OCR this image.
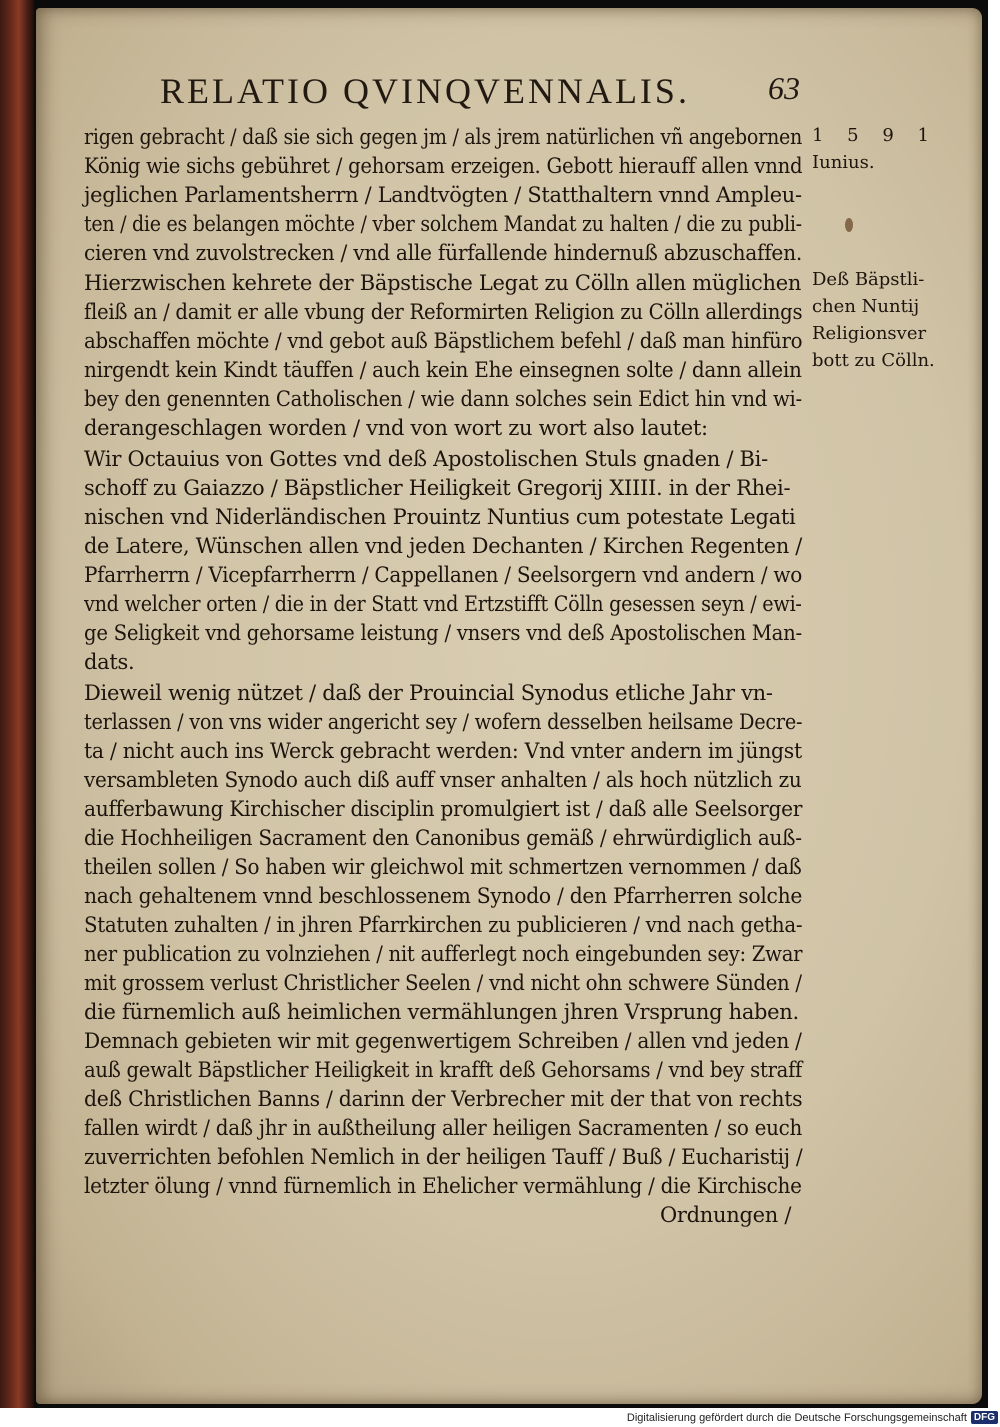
RELATIO QVINQVENNALIS. 63
rigen gebracht / daß sie sich gegen jm / als jrem natürlichen vñ angebornen
König wie sichs gebühret / gehorsam erzeigen. Gebott hierauff allen vnnd
jeglichen Parlamentsherrn / Landtvögten / Statthaltern vnnd Ampleu-
ten / die es belangen möchte / vber solchem Mandat zu halten / die zu publi-
cieren vnd zuvolstrecken / vnd alle fürfallende hindernuß abzuschaffen.
Hierzwischen kehrete der Bäpstische Legat zu Cölln allen müglichen
fleiß an / damit er alle vbung der Reformirten Religion zu Cölln allerdings
abschaffen möchte / vnd gebot auß Bäpstlichem befehl / daß man hinfüro
nirgendt kein Kindt täuffen / auch kein Ehe einsegnen solte / dann allein
bey den genennten Catholischen / wie dann solches sein Edict hin vnd wi-
derangeschlagen worden / vnd von wort zu wort also lautet:
Wir Octauius von Gottes vnd deß Apostolischen Stuls gnaden / Bi-
schoff zu Gaiazzo / Bäpstlicher Heiligkeit Gregorij XIIII. in der Rhei-
nischen vnd Niderländischen Prouintz Nuntius cum potestate Legati
de Latere, Wünschen allen vnd jeden Dechanten / Kirchen Regenten /
Pfarrherrn / Vicepfarrherrn / Cappellanen / Seelsorgern vnd andern / wo
vnd welcher orten / die in der Statt vnd Ertzstifft Cölln gesessen seyn / ewi-
ge Seligkeit vnd gehorsame leistung / vnsers vnd deß Apostolischen Man-
dats.
Dieweil wenig nützet / daß der Prouincial Synodus etliche Jahr vn-
terlassen / von vns wider angericht sey / wofern desselben heilsame Decre-
ta / nicht auch ins Werck gebracht werden: Vnd vnter andern im jüngst
versambleten Synodo auch diß auff vnser anhalten / als hoch nützlich zu
aufferbawung Kirchischer disciplin promulgiert ist / daß alle Seelsorger
die Hochheiligen Sacrament den Canonibus gemäß / ehrwürdiglich auß-
theilen sollen / So haben wir gleichwol mit schmertzen vernommen / daß
nach gehaltenem vnnd beschlossenem Synodo / den Pfarrherren solche
Statuten zuhalten / in jhren Pfarrkirchen zu publicieren / vnd nach getha-
ner publication zu volnziehen / nit aufferlegt noch eingebunden sey: Zwar
mit grossem verlust Christlicher Seelen / vnd nicht ohn schwere Sünden /
die fürnemlich auß heimlichen vermählungen jhren Vrsprung haben.
Demnach gebieten wir mit gegenwertigem Schreiben / allen vnd jeden /
auß gewalt Bäpstlicher Heiligkeit in krafft deß Gehorsams / vnd bey straff
deß Christlichen Banns / darinn der Verbrecher mit der that von rechts
fallen wirdt / daß jhr in außtheilung aller heiligen Sacramenten / so euch
zuverrichten befohlen Nemlich in der heiligen Tauff / Buß / Eucharistij /
letzter ölung / vnnd fürnemlich in Ehelicher vermählung / die Kirchische
Ordnungen /
1 5 9 1
Iunius.
Deß Bäpstli-
chen Nuntij
Religionsver
bott zu Cölln.
Digitalisierung gefördert durch die Deutsche Forschungsgemeinschaft DFG
